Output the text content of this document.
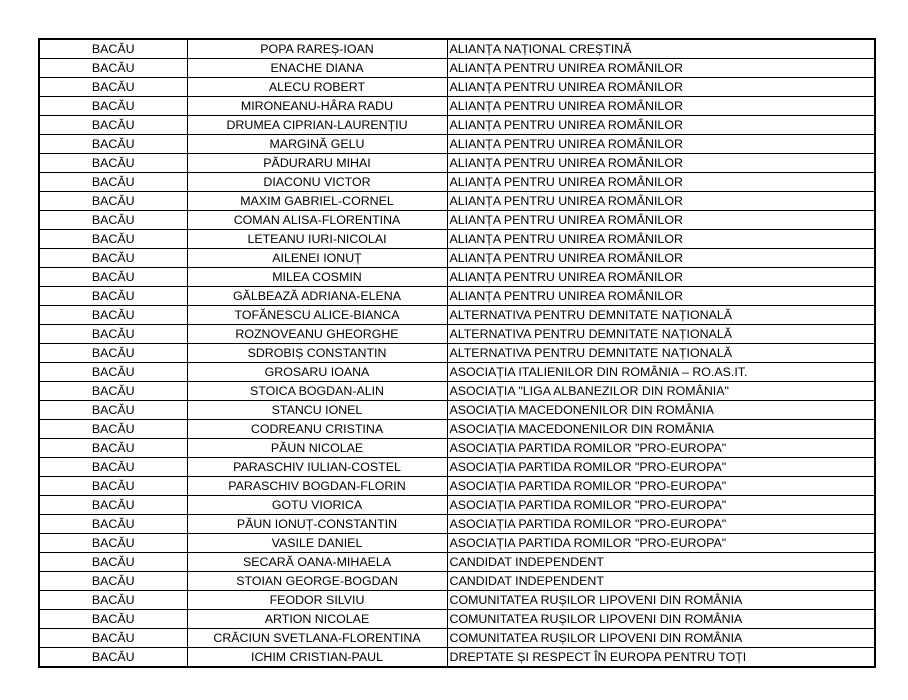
BACĂU	POPA RAREȘ-IOAN	ALIANȚA NAȚIONAL CREȘTINĂ
BACĂU	ENACHE DIANA	ALIANȚA PENTRU UNIREA ROMÂNILOR
BACĂU	ALECU ROBERT	ALIANȚA PENTRU UNIREA ROMÂNILOR
BACĂU	MIRONEANU-HÂRA RADU	ALIANȚA PENTRU UNIREA ROMÂNILOR
BACĂU	DRUMEA CIPRIAN-LAURENȚIU	ALIANȚA PENTRU UNIREA ROMÂNILOR
BACĂU	MARGINĂ GELU	ALIANȚA PENTRU UNIREA ROMÂNILOR
BACĂU	PĂDURARU MIHAI	ALIANȚA PENTRU UNIREA ROMÂNILOR
BACĂU	DIACONU VICTOR	ALIANȚA PENTRU UNIREA ROMÂNILOR
BACĂU	MAXIM GABRIEL-CORNEL	ALIANȚA PENTRU UNIREA ROMÂNILOR
BACĂU	COMAN ALISA-FLORENTINA	ALIANȚA PENTRU UNIREA ROMÂNILOR
BACĂU	LETEANU IURI-NICOLAI	ALIANȚA PENTRU UNIREA ROMÂNILOR
BACĂU	AILENEI IONUȚ	ALIANȚA PENTRU UNIREA ROMÂNILOR
BACĂU	MILEA COSMIN	ALIANȚA PENTRU UNIREA ROMÂNILOR
BACĂU	GĂLBEAZĂ ADRIANA-ELENA	ALIANȚA PENTRU UNIREA ROMÂNILOR
BACĂU	TOFĂNESCU ALICE-BIANCA	ALTERNATIVA PENTRU DEMNITATE NAȚIONALĂ
BACĂU	ROZNOVEANU GHEORGHE	ALTERNATIVA PENTRU DEMNITATE NAȚIONALĂ
BACĂU	SDROBIȘ CONSTANTIN	ALTERNATIVA PENTRU DEMNITATE NAȚIONALĂ
BACĂU	GROSARU IOANA	ASOCIAȚIA ITALIENILOR DIN ROMÂNIA – RO.AS.IT.
BACĂU	STOICA BOGDAN-ALIN	ASOCIAȚIA "LIGA ALBANEZILOR DIN ROMÂNIA"
BACĂU	STANCU IONEL	ASOCIAȚIA MACEDONENILOR DIN ROMÂNIA
BACĂU	CODREANU CRISTINA	ASOCIAȚIA MACEDONENILOR DIN ROMÂNIA
BACĂU	PĂUN NICOLAE	ASOCIAȚIA PARTIDA ROMILOR "PRO-EUROPA"
BACĂU	PARASCHIV IULIAN-COSTEL	ASOCIAȚIA PARTIDA ROMILOR "PRO-EUROPA"
BACĂU	PARASCHIV BOGDAN-FLORIN	ASOCIAȚIA PARTIDA ROMILOR "PRO-EUROPA"
BACĂU	GOTU VIORICA	ASOCIAȚIA PARTIDA ROMILOR "PRO-EUROPA"
BACĂU	PĂUN IONUȚ-CONSTANTIN	ASOCIAȚIA PARTIDA ROMILOR "PRO-EUROPA"
BACĂU	VASILE DANIEL	ASOCIAȚIA PARTIDA ROMILOR "PRO-EUROPA"
BACĂU	SECARĂ OANA-MIHAELA	CANDIDAT INDEPENDENT
BACĂU	STOIAN GEORGE-BOGDAN	CANDIDAT INDEPENDENT
BACĂU	FEODOR SILVIU	COMUNITATEA RUȘILOR LIPOVENI DIN ROMÂNIA
BACĂU	ARTION NICOLAE	COMUNITATEA RUȘILOR LIPOVENI DIN ROMÂNIA
BACĂU	CRĂCIUN SVETLANA-FLORENTINA	COMUNITATEA RUȘILOR LIPOVENI DIN ROMÂNIA
BACĂU	ICHIM CRISTIAN-PAUL	DREPTATE ȘI RESPECT ÎN EUROPA PENTRU TOȚI
